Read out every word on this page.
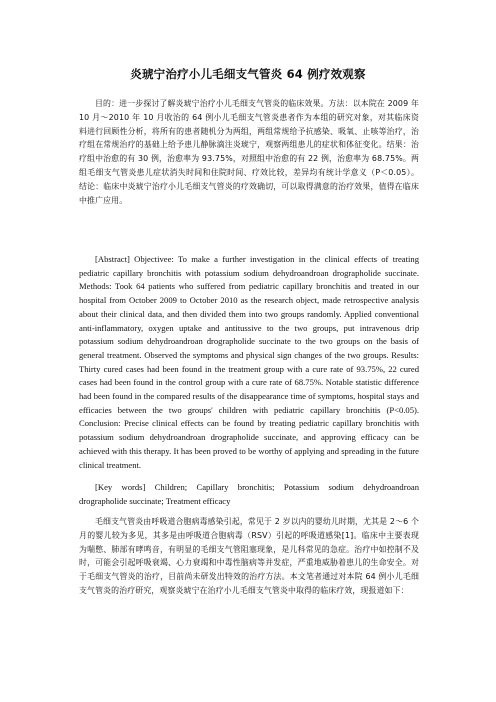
炎琥宁治疗小儿毛细支气管炎 64 例疗效观察

目的：进一步探讨了解炎琥宁治疗小儿毛细支气管炎的临床效果。方法：以本院在 2009 年 10 月～2010 年 10 月收治的 64 例小儿毛细支气管炎患者作为本组的研究对象，对其临床资料进行回顾性分析，将所有的患者随机分为两组，两组常规给予抗感染、吸氧、止咳等治疗，治疗组在常规治疗的基础上给予患儿静脉滴注炎琥宁，观察两组患儿的症状和体征变化。结果：治疗组中治愈的有 30 例，治愈率为 93.75%，对照组中治愈的有 22 例，治愈率为 68.75%。两组毛细支气管炎患儿症状消失时间和住院时间、疗效比较，差异均有统计学意义（P＜0.05）。结论：临床中炎琥宁治疗小儿毛细支气管炎的疗效确切，可以取得满意的治疗效果，值得在临床中推广应用。

[Abstract] Objectivee: To make a further investigation in the clinical effects of treating pediatric capillary bronchitis with potassium sodium dehydroandroan drographolide succinate. Methods: Took 64 patients who suffered from pediatric capillary bronchitis and treated in our hospital from October 2009 to October 2010 as the research object, made retrospective analysis about their clinical data, and then divided them into two groups randomly. Applied conventional anti-inflammatory, oxygen uptake and antitussive to the two groups, put intravenous drip potassium sodium dehydroandroan drographolide succinate to the two groups on the basis of general treatment. Observed the symptoms and physical sign changes of the two groups. Results: Thirty cured cases had been found in the treatment group with a cure rate of 93.75%, 22 cured cases had been found in the control group with a cure rate of 68.75%. Notable statistic difference had been found in the compared results of the disappearance time of symptoms, hospital stays and efficacies between the two groups' children with pediatric capillary bronchitis (P<0.05). Conclusion: Precise clinical effects can be found by treating pediatric capillary bronchitis with potassium sodium dehydroandroan drographolide succinate, and approving efficacy can be achieved with this therapy. It has been proved to be worthy of applying and spreading in the future clinical treatment.

[Key words] Children; Capillary bronchitis; Potassium sodium dehydroandroan drographolide succinate; Treatment efficacy

毛细支气管炎由呼吸道合胞病毒感染引起，常见于 2 岁以内的婴幼儿时期，尤其是 2～6 个月的婴儿较为多见，其多是由呼吸道合胞病毒（RSV）引起的呼吸道感染[1]。临床中主要表现为喘憋、肺部有哮鸣音，有明显的毛细支气管阻塞现象，是儿科常见的急症。治疗中如控制不及时，可能会引起呼吸衰竭、心力衰竭和中毒性脑病等并发症，严重地威胁着患儿的生命安全。对于毛细支气管炎的治疗，目前尚未研发出特效的治疗方法。本文笔者通过对本院 64 例小儿毛细支气管炎的治疗研究，观察炎琥宁在治疗小儿毛细支气管炎中取得的临床疗效，现报道如下：
